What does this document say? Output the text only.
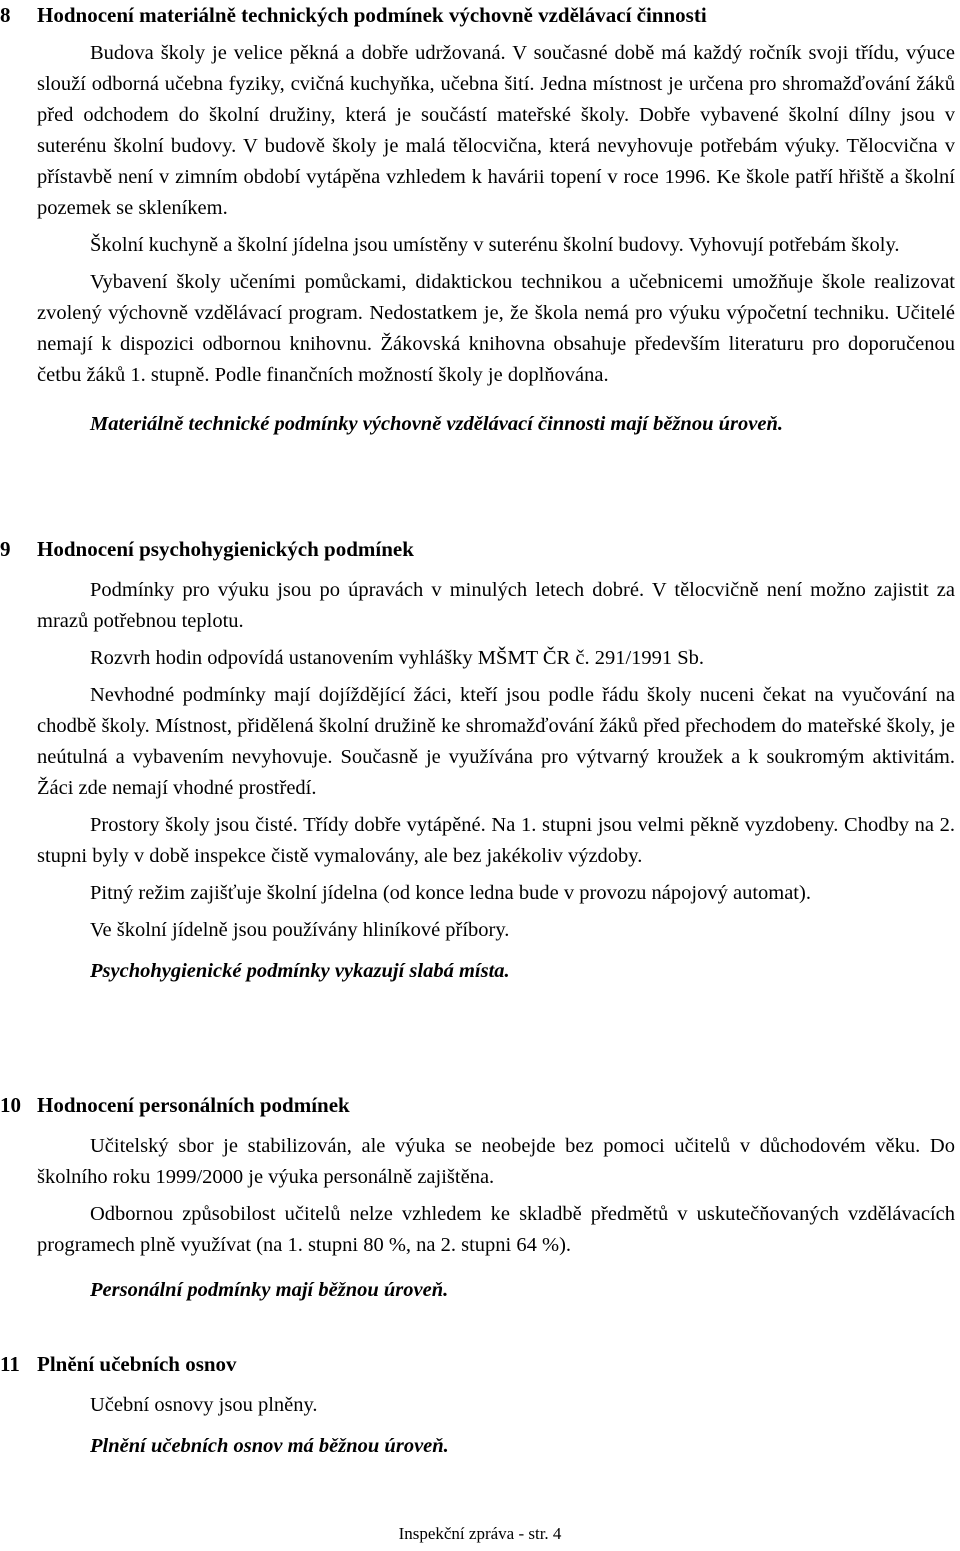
8 Hodnocení materiálně technických podmínek výchovně vzdělávací činnosti

Budova školy je velice pěkná a dobře udržovaná. V současné době má každý ročník svoji třídu, výuce slouží odborná učebna fyziky, cvičná kuchyňka, učebna šití. Jedna místnost je určena pro shromažďování žáků před odchodem do školní družiny, která je součástí mateřské školy. Dobře vybavené školní dílny jsou v suterénu školní budovy. V budově školy je malá tělocvična, která nevyhovuje potřebám výuky. Tělocvična v přístavbě není v zimním období vytápěna vzhledem k havárii topení v roce 1996. Ke škole patří hřiště a školní pozemek se skleníkem.

Školní kuchyně a školní jídelna jsou umístěny v suterénu školní budovy. Vyhovují potřebám školy.

Vybavení školy učeními pomůckami, didaktickou technikou a učebnicemi umožňuje škole realizovat zvolený výchovně vzdělávací program. Nedostatkem je, že škola nemá pro výuku výpočetní techniku. Učitelé nemají k dispozici odbornou knihovnu. Žákovská knihovna obsahuje především literaturu pro doporučenou četbu žáků 1. stupně. Podle finančních možností školy je doplňována.

Materiálně technické podmínky výchovně vzdělávací činnosti mají běžnou úroveň.

9 Hodnocení psychohygienických podmínek

Podmínky pro výuku jsou po úpravách v minulých letech dobré. V tělocvičně není možno zajistit za mrazů potřebnou teplotu.

Rozvrh hodin odpovídá ustanovením vyhlášky MŠMT ČR č. 291/1991 Sb.

Nevhodné podmínky mají dojíždějící žáci, kteří jsou podle řádu školy nuceni čekat na vyučování na chodbě školy. Místnost, přidělená školní družině ke shromažďování žáků před přechodem do mateřské školy, je neútulná a vybavením nevyhovuje. Současně je využívána pro výtvarný kroužek a k soukromým aktivitám. Žáci zde nemají vhodné prostředí.

Prostory školy jsou čisté. Třídy dobře vytápěné. Na 1. stupni jsou velmi pěkně vyzdobeny. Chodby na 2. stupni byly v době inspekce čistě vymalovány, ale bez jakékoliv výzdoby.

Pitný režim zajišťuje školní jídelna (od konce ledna bude v provozu nápojový automat).

Ve školní jídelně jsou používány hliníkové příbory.

Psychohygienické podmínky vykazují slabá místa.

10 Hodnocení personálních podmínek

Učitelský sbor je stabilizován, ale výuka se neobejde bez pomoci učitelů v důchodovém věku. Do školního roku 1999/2000 je výuka personálně zajištěna.

Odbornou způsobilost učitelů nelze vzhledem ke skladbě předmětů v uskutečňovaných vzdělávacích programech plně využívat (na 1. stupni 80 %, na 2. stupni 64 %).

Personální podmínky mají běžnou úroveň.

11 Plnění učebních osnov

Učební osnovy jsou plněny.

Plnění učebních osnov má běžnou úroveň.

Inspekční zpráva - str. 4
